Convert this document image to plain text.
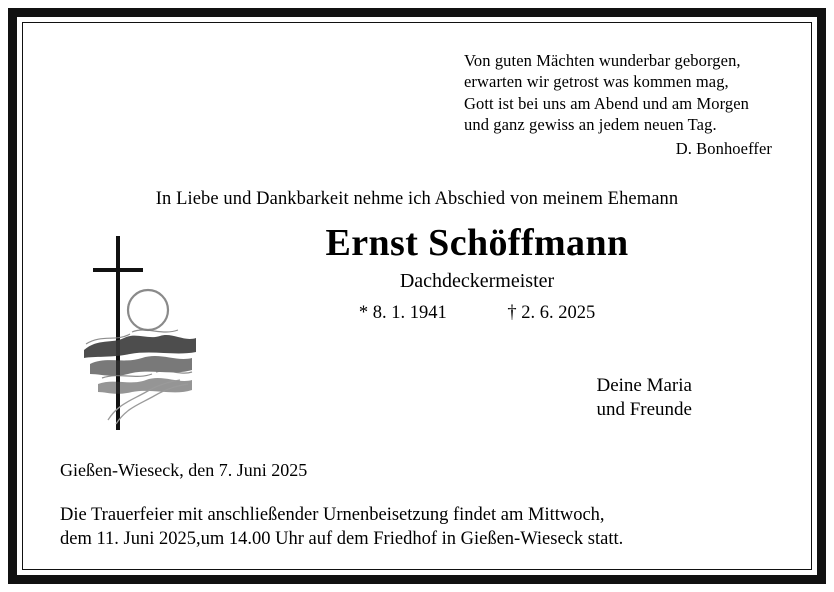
Von guten Mächten wunderbar geborgen,
erwarten wir getrost was kommen mag,
Gott ist bei uns am Abend und am Morgen
und ganz gewiss an jedem neuen Tag.
D. Bonhoeffer
In Liebe und Dankbarkeit nehme ich Abschied von meinem Ehemann
Ernst Schöffmann
Dachdeckermeister
* 8. 1. 1941	† 2. 6. 2025
Deine Maria
und Freunde
Gießen-Wieseck, den 7. Juni 2025
Die Trauerfeier mit anschließender Urnenbeisetzung findet am Mittwoch,
dem 11. Juni 2025,um 14.00 Uhr auf dem Friedhof in Gießen-Wieseck statt.
